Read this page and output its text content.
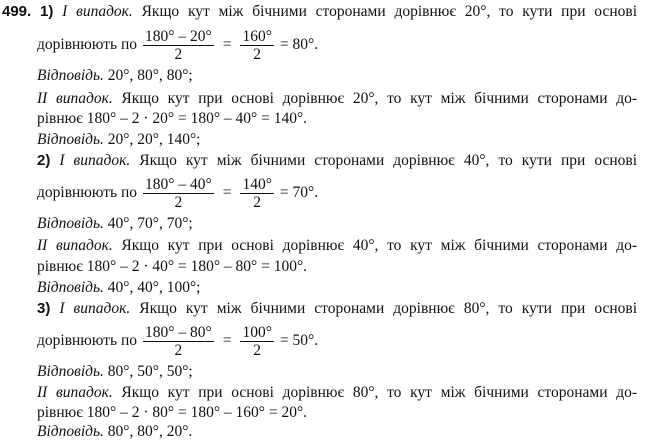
499. 1) I випадок. Якщо кут між бічними сторонами дорівнює 20°, то кути при основі
дорівнюють по $\frac{180^\circ - 20^\circ}{2} = \frac{160^\circ}{2} = 80^\circ$.
Відповідь. 20°, 80°, 80°;
II випадок. Якщо кут при основі дорівнює 20°, то кут між бічними сторонами до-
рівнює 180° – 2 · 20° = 180° – 40° = 140°.
Відповідь. 20°, 20°, 140°;
2) I випадок. Якщо кут між бічними сторонами дорівнює 40°, то кути при основі
дорівнюють по $\frac{180^\circ - 40^\circ}{2} = \frac{140^\circ}{2} = 70^\circ$.
Відповідь. 40°, 70°, 70°;
II випадок. Якщо кут при основі дорівнює 40°, то кут між бічними сторонами до-
рівнює 180° – 2 · 40° = 180° – 80° = 100°.
Відповідь. 40°, 40°, 100°;
3) I випадок. Якщо кут між бічними сторонами дорівнює 80°, то кути при основі
дорівнюють по $\frac{180^\circ - 80^\circ}{2} = \frac{100^\circ}{2} = 50^\circ$.
Відповідь. 80°, 50°, 50°;
II випадок. Якщо кут при основі дорівнює 80°, то кут між бічними сторонами до-
рівнює 180° – 2 · 80° = 180° – 160° = 20°.
Відповідь. 80°, 80°, 20°.
